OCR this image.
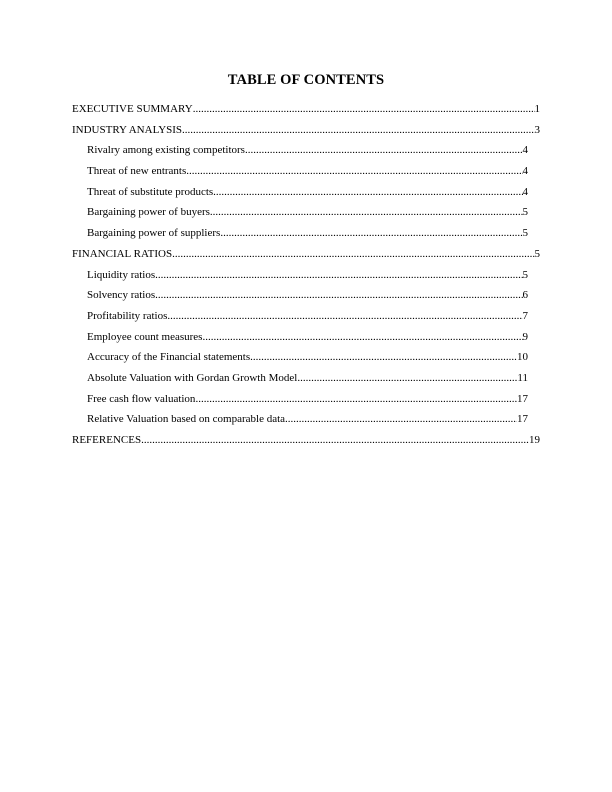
TABLE OF CONTENTS
EXECUTIVE SUMMARY .....	1
INDUSTRY ANALYSIS .....	3
Rivalry among existing competitors .....	4
Threat of new entrants .....	4
Threat of substitute products .....	4
Bargaining power of buyers .....	5
Bargaining power of suppliers .....	5
FINANCIAL RATIOS .....	5
Liquidity ratios .....	5
Solvency ratios .....	6
Profitability ratios .....	7
Employee count measures .....	9
Accuracy of the Financial statements .....	10
Absolute Valuation with Gordan Growth Model .....	11
Free cash flow valuation .....	17
Relative Valuation based on comparable data .....	17
REFERENCES .....	19
